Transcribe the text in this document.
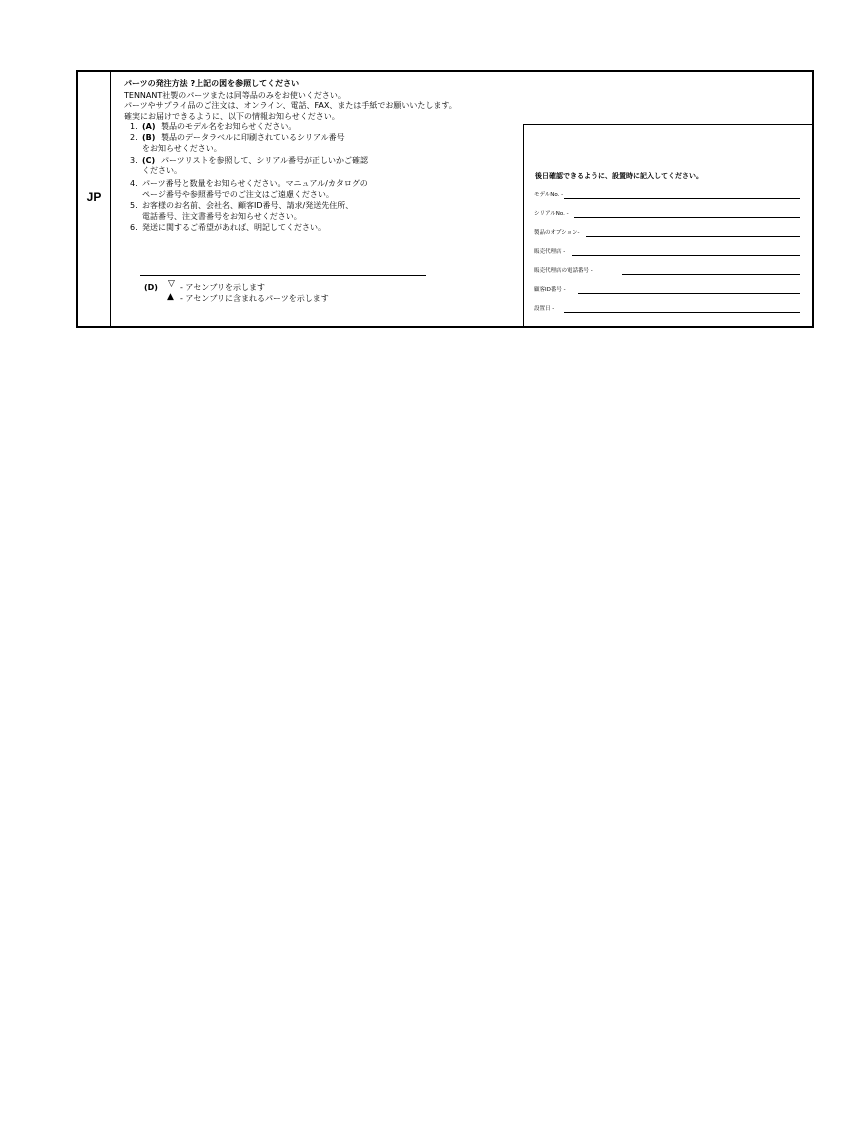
JP
パーツの発注方法 ?上記の図を参照してください
TENNANT社製のパーツまたは同等品のみをお使いください。
パーツやサプライ品のご注文は、オンライン、電話、FAX、または手紙でお願いいたします。
確実にお届けできるように、以下の情報お知らせください。
1. (A) 製品のモデル名をお知らせください。
2. (B) 製品のデータラベルに印刷されているシリアル番号
をお知らせください。
3. (C) パーツリストを参照して、シリアル番号が正しいかご確認
ください。
4. パーツ番号と数量をお知らせください。マニュアル/カタログの
ページ番号や参照番号でのご注文はご遠慮ください。
5. お客様のお名前、会社名、顧客ID番号、請求/発送先住所、
電話番号、注文書番号をお知らせください。
6. 発送に関するご希望があれば、明記してください。
(D) ▽ - アセンブリを示します
▲ - アセンブリに含まれるパーツを示します
後日確認できるように、設置時に記入してください。
モデルNo. -
シリアルNo. -
製品のオプション-
販売代理店 -
販売代理店の電話番号 -
顧客ID番号 -
設置日 -
